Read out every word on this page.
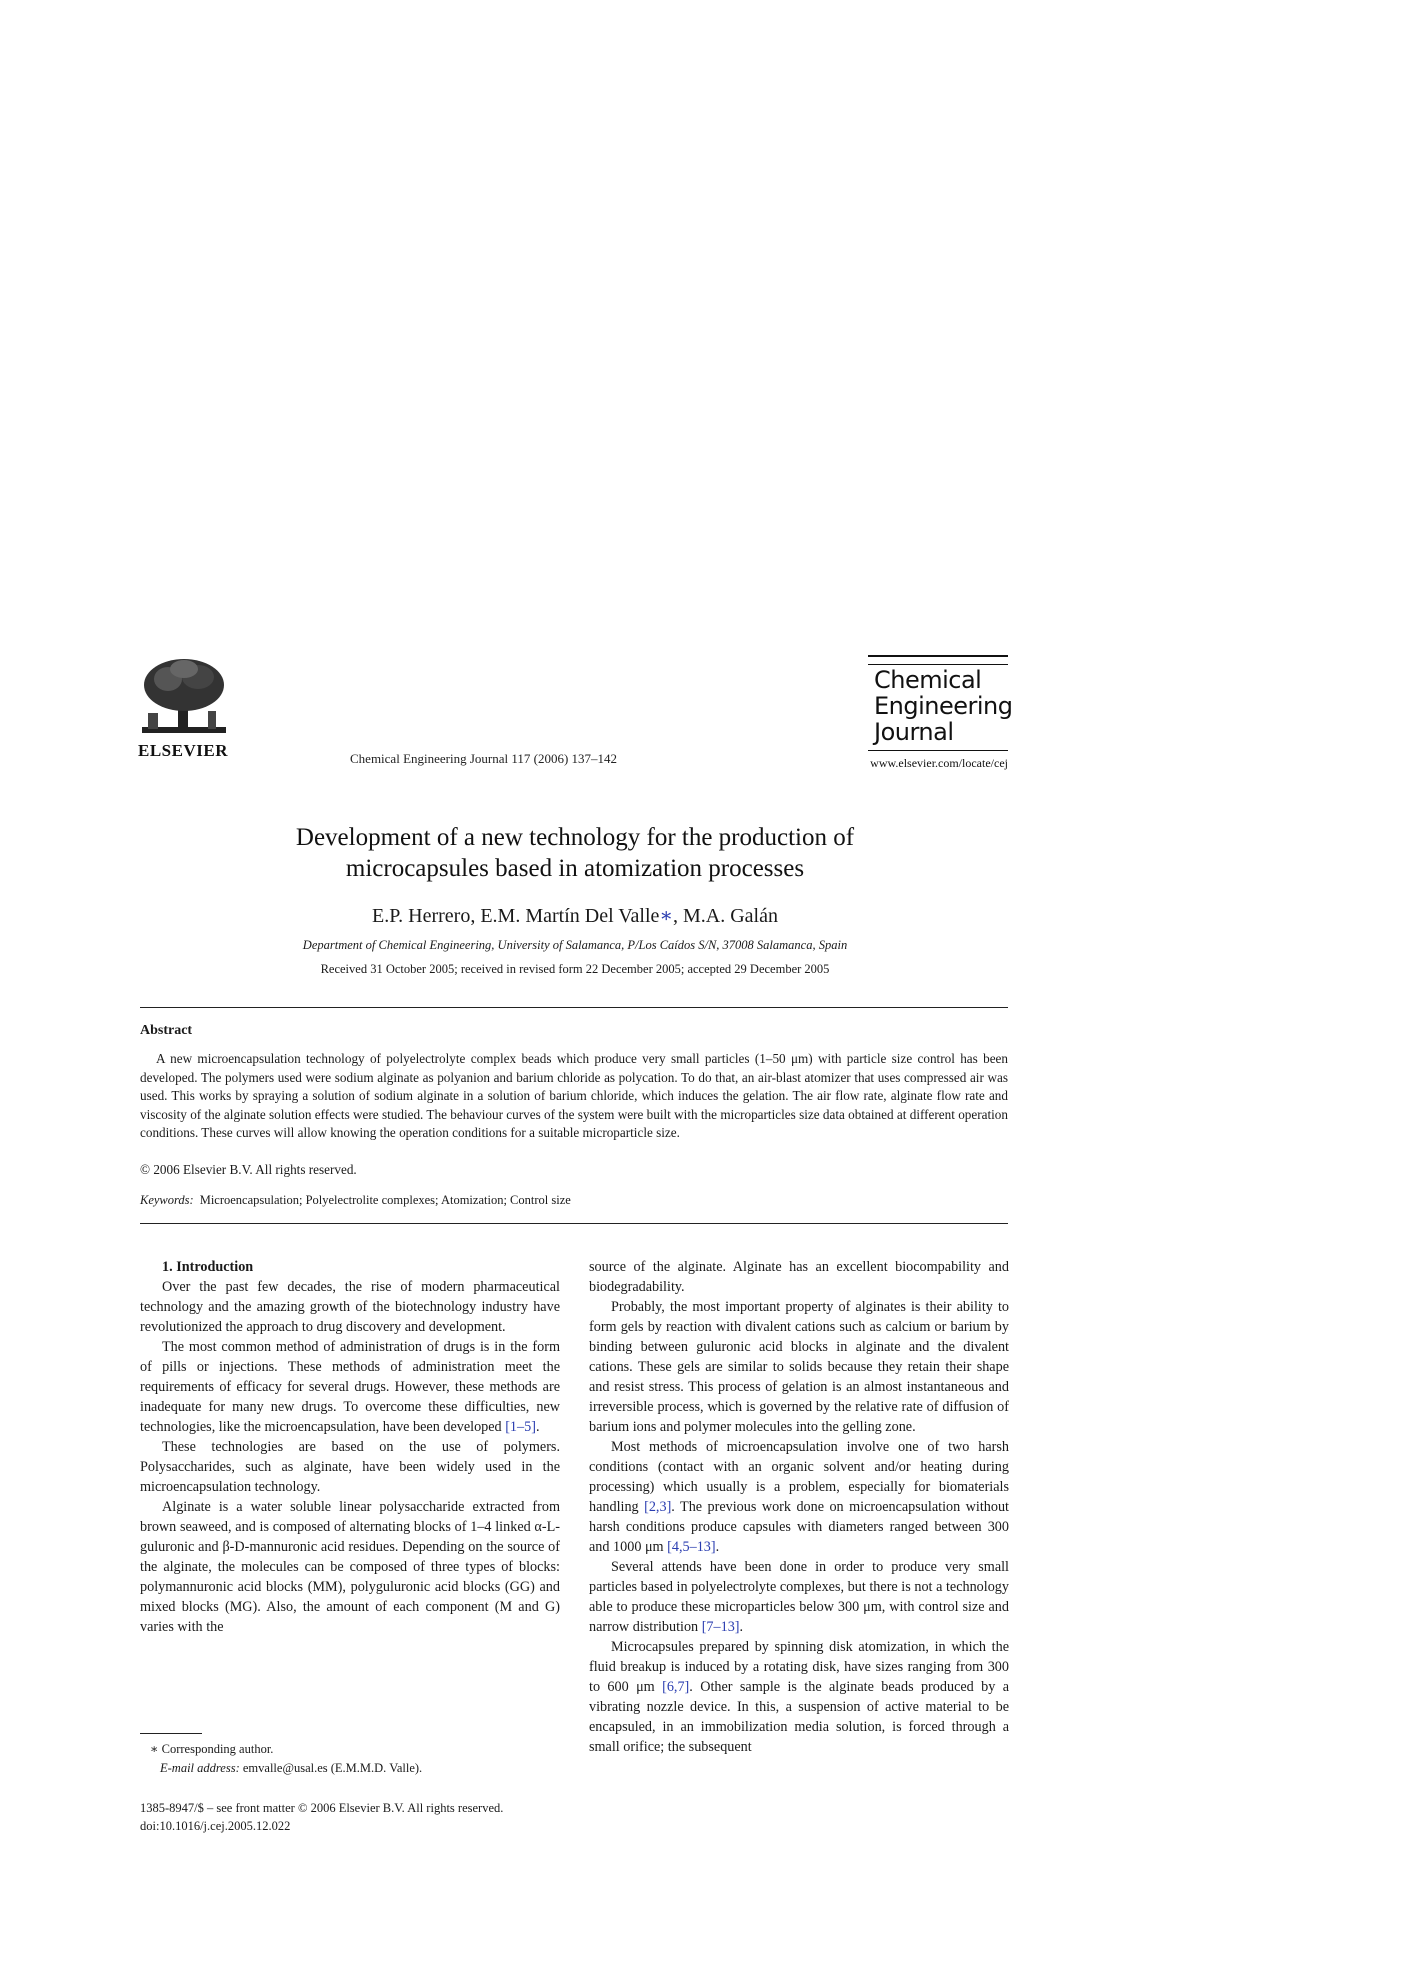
ELSEVIER	Chemical Engineering Journal 117 (2006) 137–142
Chemical
Engineering
Journal
www.elsevier.com/locate/cej
Development of a new technology for the production of
microcapsules based in atomization processes
E.P. Herrero, E.M. Martín Del Valle∗, M.A. Galán
Department of Chemical Engineering, University of Salamanca, P/Los Caídos S/N, 37008 Salamanca, Spain
Received 31 October 2005; received in revised form 22 December 2005; accepted 29 December 2005
Abstract
A new microencapsulation technology of polyelectrolyte complex beads which produce very small particles (1–50 μm) with particle size control has been developed. The polymers used were sodium alginate as polyanion and barium chloride as polycation. To do that, an air-blast atomizer that uses compressed air was used. This works by spraying a solution of sodium alginate in a solution of barium chloride, which induces the gelation. The air flow rate, alginate flow rate and viscosity of the alginate solution effects were studied. The behaviour curves of the system were built with the microparticles size data obtained at different operation conditions. These curves will allow knowing the operation conditions for a suitable microparticle size.
© 2006 Elsevier B.V. All rights reserved.
Keywords: Microencapsulation; Polyelectrolite complexes; Atomization; Control size

1. Introduction

Over the past few decades, the rise of modern pharmaceutical technology and the amazing growth of the biotechnology industry have revolutionized the approach to drug discovery and development.

The most common method of administration of drugs is in the form of pills or injections. These methods of administration meet the requirements of efficacy for several drugs. However, these methods are inadequate for many new drugs. To overcome these difficulties, new technologies, like the microencapsulation, have been developed [1–5].

These technologies are based on the use of polymers. Polysaccharides, such as alginate, have been widely used in the microencapsulation technology.

Alginate is a water soluble linear polysaccharide extracted from brown seaweed, and is composed of alternating blocks of 1–4 linked α-L-guluronic and β-D-mannuronic acid residues. Depending on the source of the alginate, the molecules can be composed of three types of blocks: polymannuronic acid blocks (MM), polyguluronic acid blocks (GG) and mixed blocks (MG). Also, the amount of each component (M and G) varies with the

source of the alginate. Alginate has an excellent biocompability and biodegradability.

Probably, the most important property of alginates is their ability to form gels by reaction with divalent cations such as calcium or barium by binding between guluronic acid blocks in alginate and the divalent cations. These gels are similar to solids because they retain their shape and resist stress. This process of gelation is an almost instantaneous and irreversible process, which is governed by the relative rate of diffusion of barium ions and polymer molecules into the gelling zone.

Most methods of microencapsulation involve one of two harsh conditions (contact with an organic solvent and/or heating during processing) which usually is a problem, especially for biomaterials handling [2,3]. The previous work done on microencapsulation without harsh conditions produce capsules with diameters ranged between 300 and 1000 μm [4,5–13].

Several attends have been done in order to produce very small particles based in polyelectrolyte complexes, but there is not a technology able to produce these microparticles below 300 μm, with control size and narrow distribution [7–13].

Microcapsules prepared by spinning disk atomization, in which the fluid breakup is induced by a rotating disk, have sizes ranging from 300 to 600 μm [6,7]. Other sample is the alginate beads produced by a vibrating nozzle device. In this, a suspension of active material to be encapsuled, in an immobilization media solution, is forced through a small orifice; the subsequent

∗ Corresponding author.
E-mail address: emvalle@usal.es (E.M.M.D. Valle).
1385-8947/$ – see front matter © 2006 Elsevier B.V. All rights reserved.
doi:10.1016/j.cej.2005.12.022
